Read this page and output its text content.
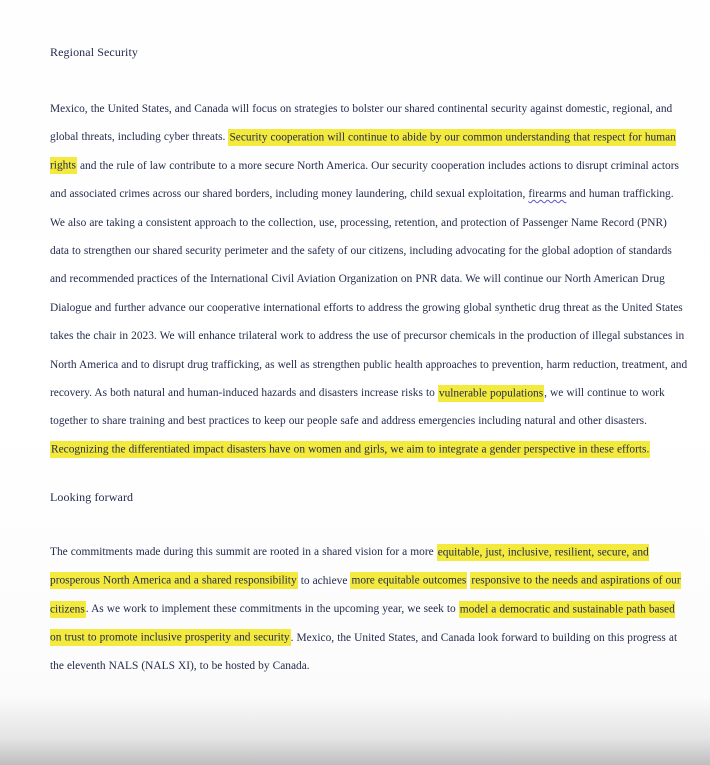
Regional Security

Mexico, the United States, and Canada will focus on strategies to bolster our shared continental security against domestic, regional, and global threats, including cyber threats. Security cooperation will continue to abide by our common understanding that respect for human rights and the rule of law contribute to a more secure North America. Our security cooperation includes actions to disrupt criminal actors and associated crimes across our shared borders, including money laundering, child sexual exploitation, firearms and human trafficking. We also are taking a consistent approach to the collection, use, processing, retention, and protection of Passenger Name Record (PNR) data to strengthen our shared security perimeter and the safety of our citizens, including advocating for the global adoption of standards and recommended practices of the International Civil Aviation Organization on PNR data. We will continue our North American Drug Dialogue and further advance our cooperative international efforts to address the growing global synthetic drug threat as the United States takes the chair in 2023. We will enhance trilateral work to address the use of precursor chemicals in the production of illegal substances in North America and to disrupt drug trafficking, as well as strengthen public health approaches to prevention, harm reduction, treatment, and recovery. As both natural and human-induced hazards and disasters increase risks to vulnerable populations, we will continue to work together to share training and best practices to keep our people safe and address emergencies including natural and other disasters. Recognizing the differentiated impact disasters have on women and girls, we aim to integrate a gender perspective in these efforts.

Looking forward

The commitments made during this summit are rooted in a shared vision for a more equitable, just, inclusive, resilient, secure, and prosperous North America and a shared responsibility to achieve more equitable outcomes responsive to the needs and aspirations of our citizens. As we work to implement these commitments in the upcoming year, we seek to model a democratic and sustainable path based on trust to promote inclusive prosperity and security. Mexico, the United States, and Canada look forward to building on this progress at the eleventh NALS (NALS XI), to be hosted by Canada.
